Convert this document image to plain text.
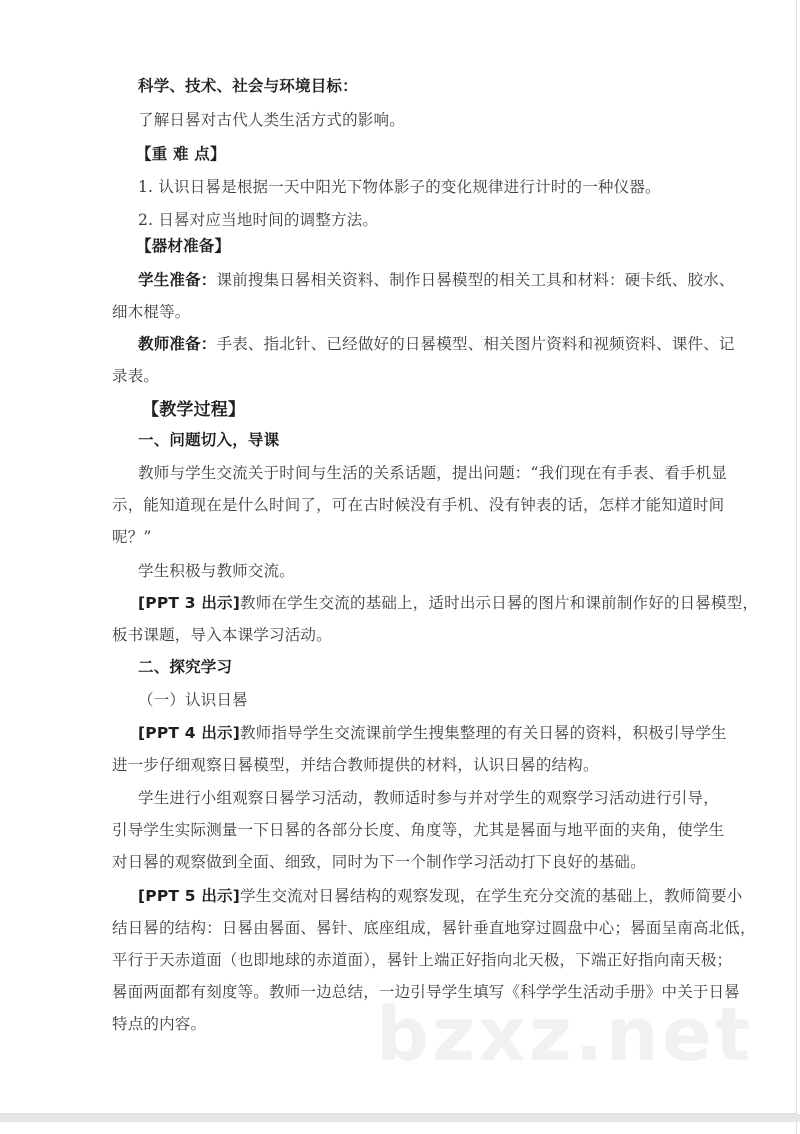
科学、技术、社会与环境目标：
了解日晷对古代人类生活方式的影响。
【重 难 点】
1. 认识日晷是根据一天中阳光下物体影子的变化规律进行计时的一种仪器。
2. 日晷对应当地时间的调整方法。
【器材准备】
学生准备：课前搜集日晷相关资料、制作日晷模型的相关工具和材料：硬卡纸、胶水、
细木棍等。
教师准备：手表、指北针、已经做好的日晷模型、相关图片资料和视频资料、课件、记
录表。
【教学过程】
一、问题切入，导课
教师与学生交流关于时间与生活的关系话题，提出问题：“我们现在有手表、看手机显
示，能知道现在是什么时间了，可在古时候没有手机、没有钟表的话，怎样才能知道时间
呢？”
学生积极与教师交流。
[PPT 3 出示]教师在学生交流的基础上，适时出示日晷的图片和课前制作好的日晷模型，
板书课题，导入本课学习活动。
二、探究学习
（一）认识日晷
[PPT 4 出示]教师指导学生交流课前学生搜集整理的有关日晷的资料，积极引导学生
进一步仔细观察日晷模型，并结合教师提供的材料，认识日晷的结构。
学生进行小组观察日晷学习活动，教师适时参与并对学生的观察学习活动进行引导，
引导学生实际测量一下日晷的各部分长度、角度等，尤其是晷面与地平面的夹角，使学生
对日晷的观察做到全面、细致，同时为下一个制作学习活动打下良好的基础。
[PPT 5 出示]学生交流对日晷结构的观察发现，在学生充分交流的基础上，教师简要小
结日晷的结构：日晷由晷面、晷针、底座组成，晷针垂直地穿过圆盘中心；晷面呈南高北低，
平行于天赤道面（也即地球的赤道面），晷针上端正好指向北天极，下端正好指向南天极；
晷面两面都有刻度等。教师一边总结，一边引导学生填写《科学学生活动手册》中关于日晷
特点的内容。 bzxz.net
